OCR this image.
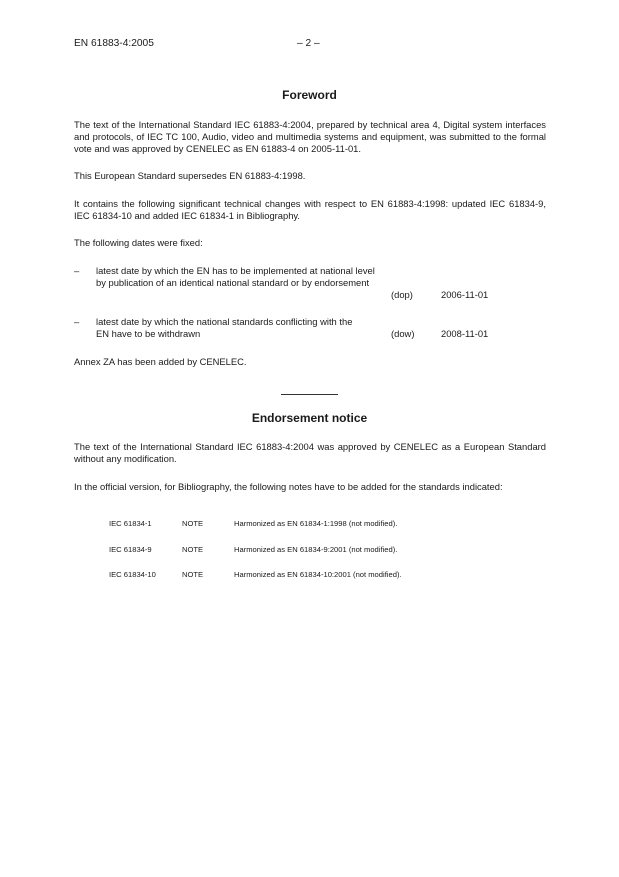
EN 61883-4:2005	– 2 –
Foreword
The text of the International Standard IEC 61883-4:2004, prepared by technical area 4, Digital system interfaces and protocols, of IEC TC 100, Audio, video and multimedia systems and equipment, was submitted to the formal vote and was approved by CENELEC as EN 61883-4 on 2005-11-01.
This European Standard supersedes EN 61883-4:1998.
It contains the following significant technical changes with respect to EN 61883-4:1998: updated IEC 61834-9, IEC 61834-10 and added IEC 61834-1 in Bibliography.
The following dates were fixed:
– latest date by which the EN has to be implemented at national level by publication of an identical national standard or by endorsement
(dop)	2006-11-01
– latest date by which the national standards conflicting with the EN have to be withdrawn	(dow)	2008-11-01
Annex ZA has been added by CENELEC.
Endorsement notice
The text of the International Standard IEC 61883-4:2004 was approved by CENELEC as a European Standard without any modification.
In the official version, for Bibliography, the following notes have to be added for the standards indicated:
IEC 61834-1	NOTE	Harmonized as EN 61834-1:1998 (not modified).
IEC 61834-9	NOTE	Harmonized as EN 61834-9:2001 (not modified).
IEC 61834-10	NOTE	Harmonized as EN 61834-10:2001 (not modified).
